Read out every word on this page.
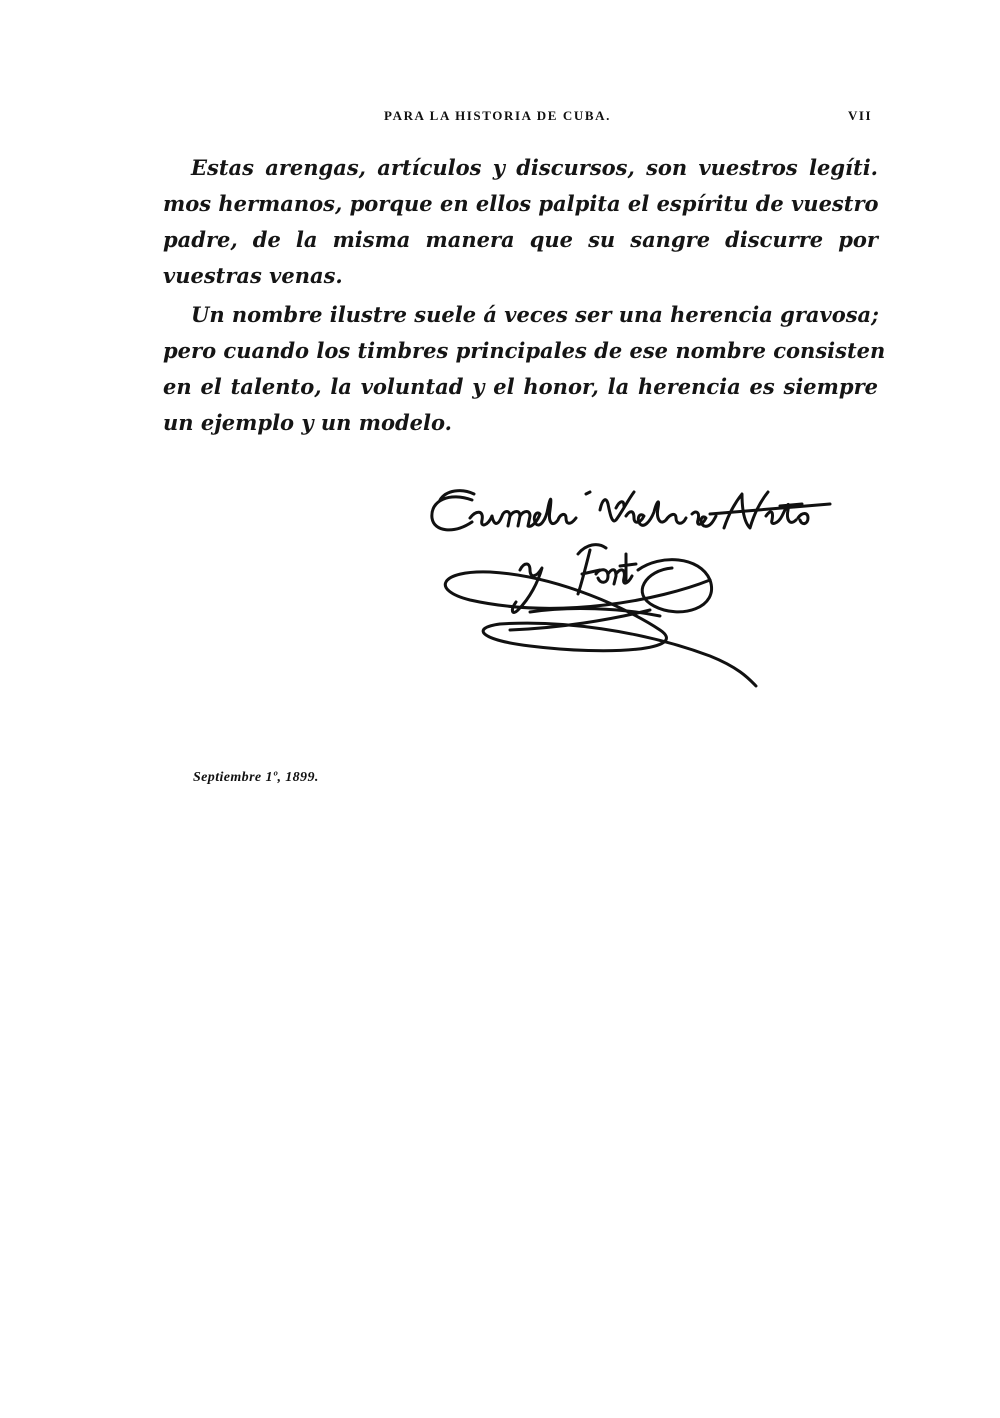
PARA LA HISTORIA DE CUBA.	VII
Estas arengas, artículos y discursos, son vuestros legíti.
mos hermanos, porque en ellos palpita el espíritu de vuestro
padre, de la misma manera que su sangre discurre por
vuestras venas.
Un nombre ilustre suele á veces ser una herencia gravosa;
pero cuando los timbres principales de ese nombre consisten
en el talento, la voluntad y el honor, la herencia es siempre
un ejemplo y un modelo.
Septiembre 1º, 1899.
